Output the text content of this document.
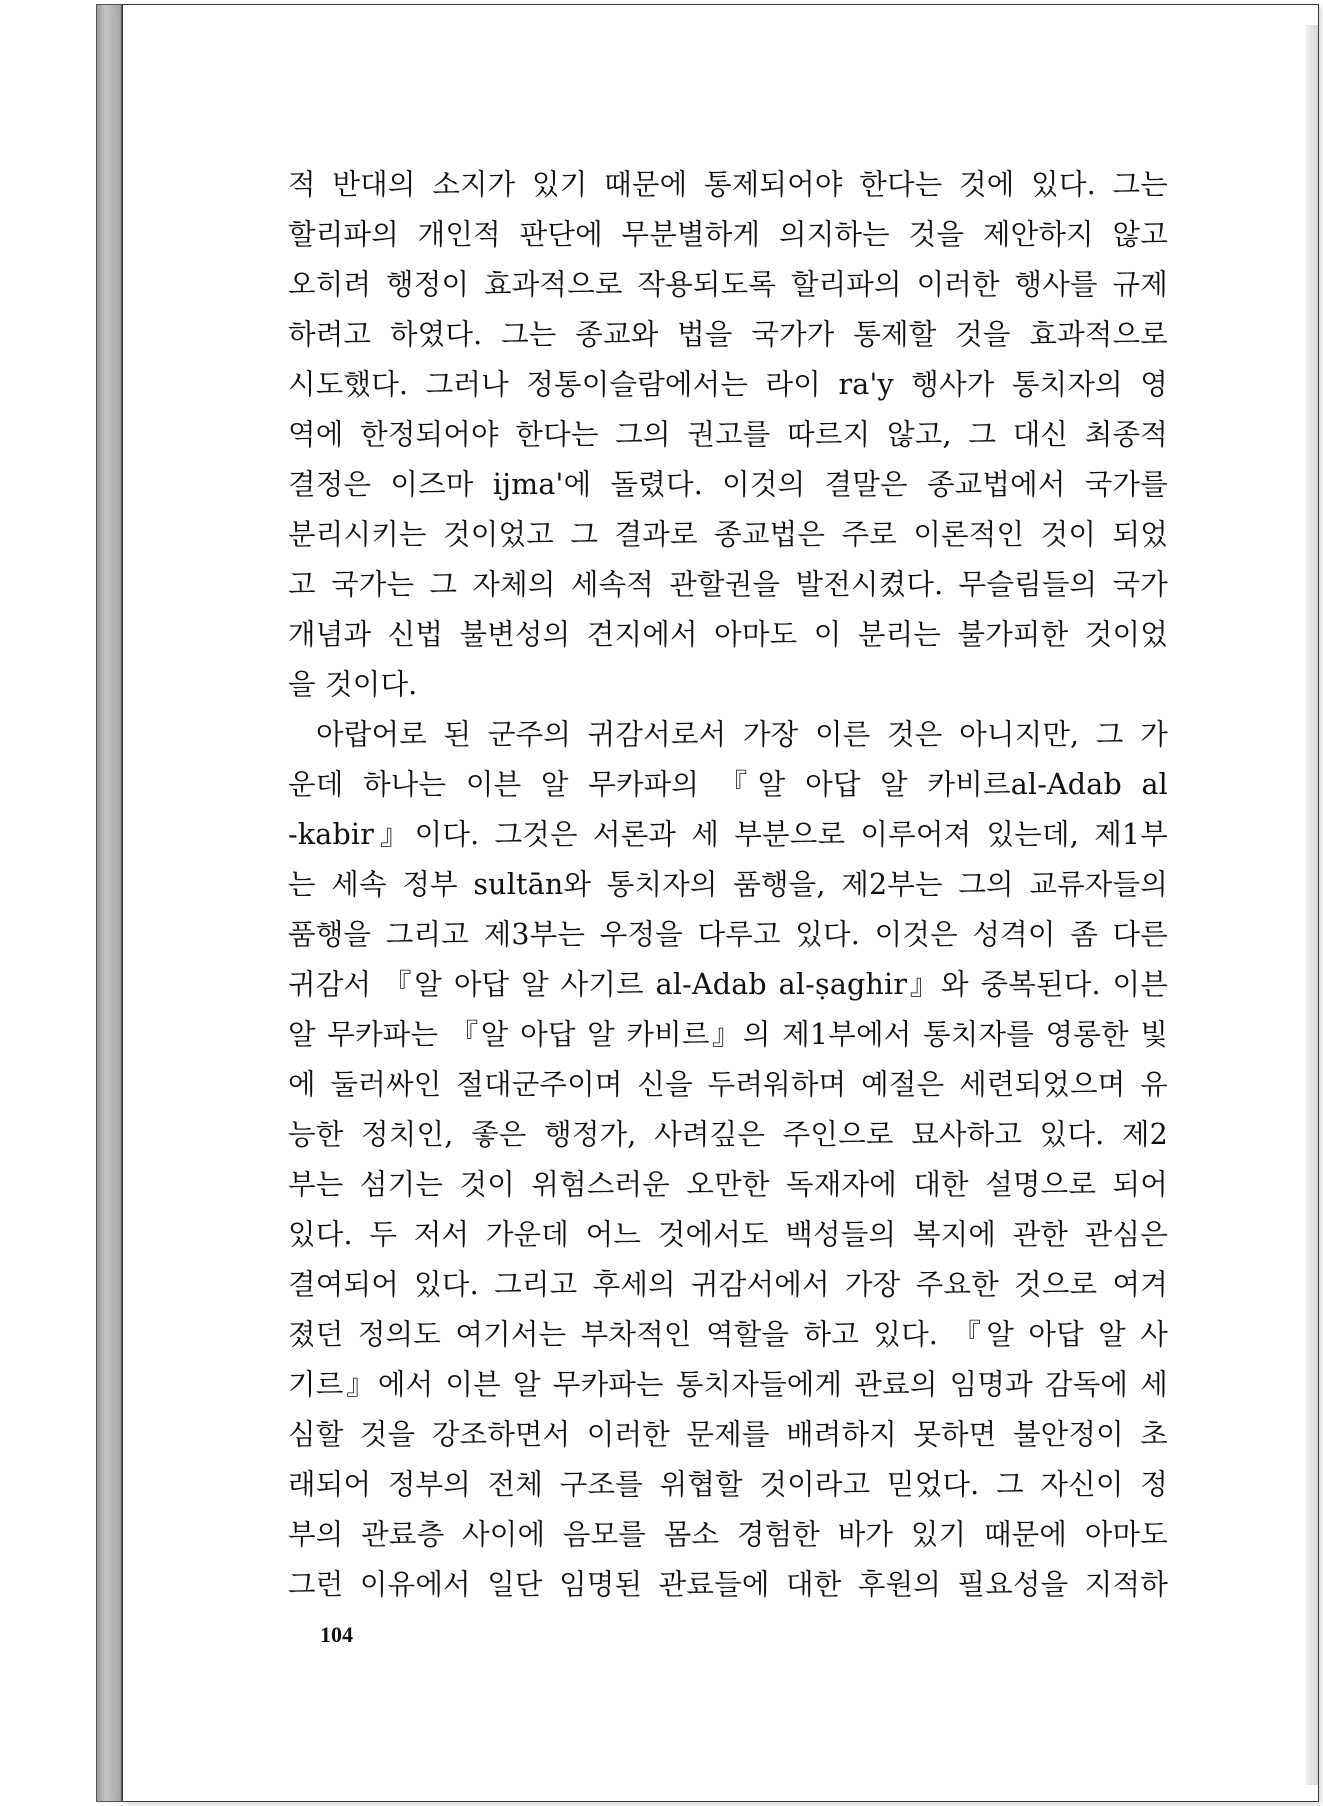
적 반대의 소지가 있기 때문에 통제되어야 한다는 것에 있다. 그는
할리파의 개인적 판단에 무분별하게 의지하는 것을 제안하지 않고
오히려 행정이 효과적으로 작용되도록 할리파의 이러한 행사를 규제
하려고 하였다. 그는 종교와 법을 국가가 통제할 것을 효과적으로
시도했다. 그러나 정통이슬람에서는 라이 ra'y 행사가 통치자의 영
역에 한정되어야 한다는 그의 권고를 따르지 않고, 그 대신 최종적
결정은 이즈마 ijma'에 돌렸다. 이것의 결말은 종교법에서 국가를
분리시키는 것이었고 그 결과로 종교법은 주로 이론적인 것이 되었
고 국가는 그 자체의 세속적 관할권을 발전시켰다. 무슬림들의 국가
개념과 신법 불변성의 견지에서 아마도 이 분리는 불가피한 것이었
을 것이다.
아랍어로 된 군주의 귀감서로서 가장 이른 것은 아니지만, 그 가
운데 하나는 이븐 알 무카파의 『알 아답 알 카비르al-Adab al
-kabir』이다. 그것은 서론과 세 부분으로 이루어져 있는데, 제1부
는 세속 정부 sultān와 통치자의 품행을, 제2부는 그의 교류자들의
품행을 그리고 제3부는 우정을 다루고 있다. 이것은 성격이 좀 다른
귀감서 『알 아답 알 사기르 al-Adab al-ṣaghir』와 중복된다. 이븐
알 무카파는 『알 아답 알 카비르』의 제1부에서 통치자를 영롱한 빛
에 둘러싸인 절대군주이며 신을 두려워하며 예절은 세련되었으며 유
능한 정치인, 좋은 행정가, 사려깊은 주인으로 묘사하고 있다. 제2
부는 섬기는 것이 위험스러운 오만한 독재자에 대한 설명으로 되어
있다. 두 저서 가운데 어느 것에서도 백성들의 복지에 관한 관심은
결여되어 있다. 그리고 후세의 귀감서에서 가장 주요한 것으로 여겨
졌던 정의도 여기서는 부차적인 역할을 하고 있다. 『알 아답 알 사
기르』에서 이븐 알 무카파는 통치자들에게 관료의 임명과 감독에 세
심할 것을 강조하면서 이러한 문제를 배려하지 못하면 불안정이 초
래되어 정부의 전체 구조를 위협할 것이라고 믿었다. 그 자신이 정
부의 관료층 사이에 음모를 몸소 경험한 바가 있기 때문에 아마도
그런 이유에서 일단 임명된 관료들에 대한 후원의 필요성을 지적하
104
